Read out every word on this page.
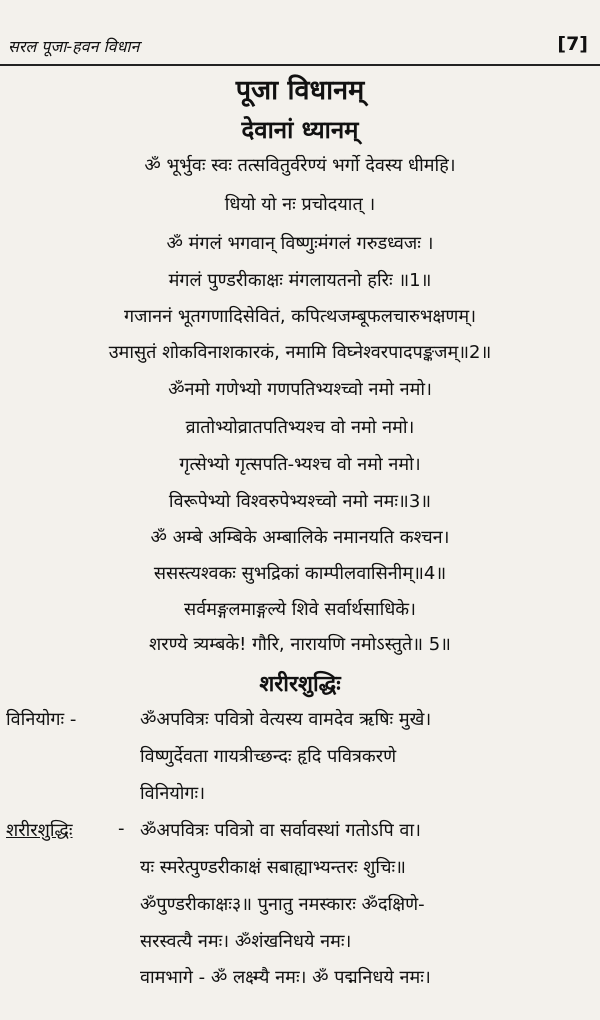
सरल पूजा-हवन विधान	[7]
पूजा विधानम्
देवानां ध्यानम्
ॐ भूर्भुवः स्वः तत्सवितुर्वरेण्यं भर्गो देवस्य धीमहि।
धियो यो नः प्रचोदयात् ।
ॐ मंगलं भगवान् विष्णुःमंगलं गरुडध्वजः ।
मंगलं पुण्डरीकाक्षः मंगलायतनो हरिः ॥1॥
गजाननं भूतगणादिसेवितं, कपित्थजम्बूफलचारुभक्षणम्।
उमासुतं शोकविनाशकारकं, नमामि विघ्नेश्वरपादपङ्कजम्॥2॥
ॐनमो गणेभ्यो गणपतिभ्यश्च्वो नमो नमो।
व्रातोभ्योव्रातपतिभ्यश्च वो नमो नमो।
गृत्सेभ्यो गृत्सपति-भ्यश्च वो नमो नमो।
विरूपेभ्यो विश्वरुपेभ्यश्च्वो नमो नमः॥3॥
ॐ अम्बे अम्बिके अम्बालिके नमानयति कश्चन।
ससस्त्यश्वकः सुभद्रिकां काम्पीलवासिनीम्॥4॥
सर्वमङ्गलमाङ्गल्ये शिवे सर्वार्थसाधिके।
शरण्ये त्र्यम्बके! गौरि, नारायणि नमोऽस्तुते॥ 5॥
शरीरशुद्धिः
विनियोगः -	ॐअपवित्रः पवित्रो वेत्यस्य वामदेव ऋषिः मुखे।
विष्णुर्देवता गायत्रीच्छन्दः हृदि पवित्रकरणे
विनियोगः।
शरीरशुद्धिः	- ॐअपवित्रः पवित्रो वा सर्वावस्थां गतोऽपि वा।
यः स्मरेत्पुण्डरीकाक्षं सबाह्याभ्यन्तरः शुचिः॥
ॐपुण्डरीकाक्षः३॥ पुनातु नमस्कारः ॐदक्षिणे-
सरस्वत्यै नमः। ॐशंखनिधये नमः।
वामभागे - ॐ लक्ष्म्यै नमः। ॐ पद्मनिधये नमः।
